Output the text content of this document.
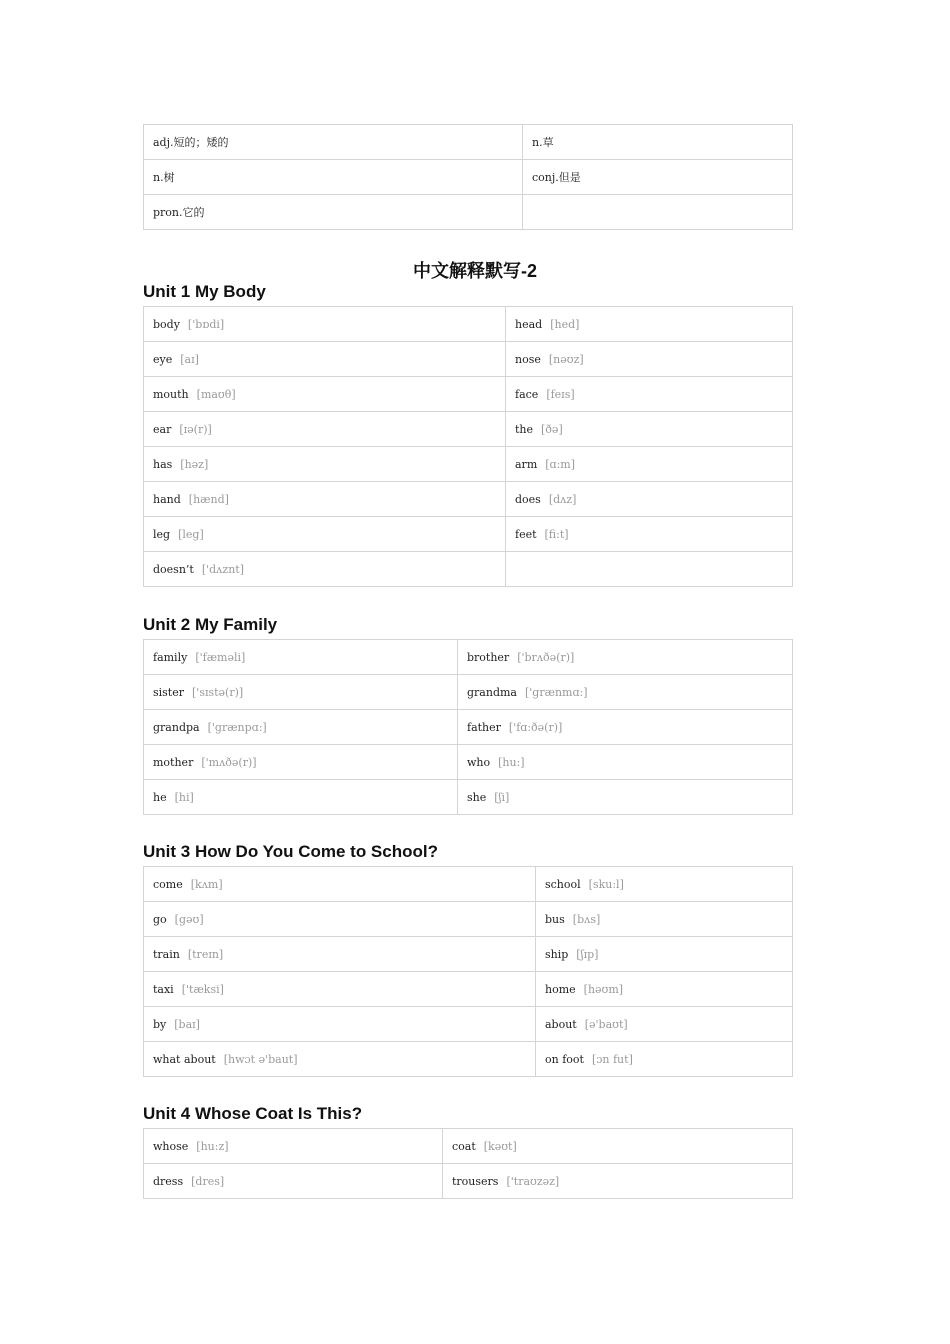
adj.短的；矮的	n.草
n.树	conj.但是
pron.它的	
中文解释默写-2
Unit 1 My Body
body ['bɒdi]	head [hed]
eye [aɪ]	nose [nəʊz]
mouth [maʊθ]	face [feɪs]
ear [ɪə(r)]	the [ðə]
has [həz]	arm [ɑ:m]
hand [hænd]	does [dʌz]
leg [leg]	feet [fi:t]
doesn’t ['dʌznt]	
Unit 2 My Family
family ['fæməli]	brother ['brʌðə(r)]
sister ['sɪstə(r)]	grandma ['grænmɑ:]
grandpa ['grænpɑ:]	father ['fɑ:ðə(r)]
mother ['mʌðə(r)]	who [hu:]
he [hi]	she [ʃi]
Unit 3 How Do You Come to School?
come [kʌm]	school [sku:l]
go [gəʊ]	bus [bʌs]
train [treɪn]	ship [ʃɪp]
taxi ['tæksi]	home [həʊm]
by [baɪ]	about [ə'baʊt]
what about [hwɔt ə'baut]	on foot [ɔn fut]
Unit 4 Whose Coat Is This?
whose [hu:z]	coat [kəʊt]
dress [dres]	trousers ['traʊzəz]
